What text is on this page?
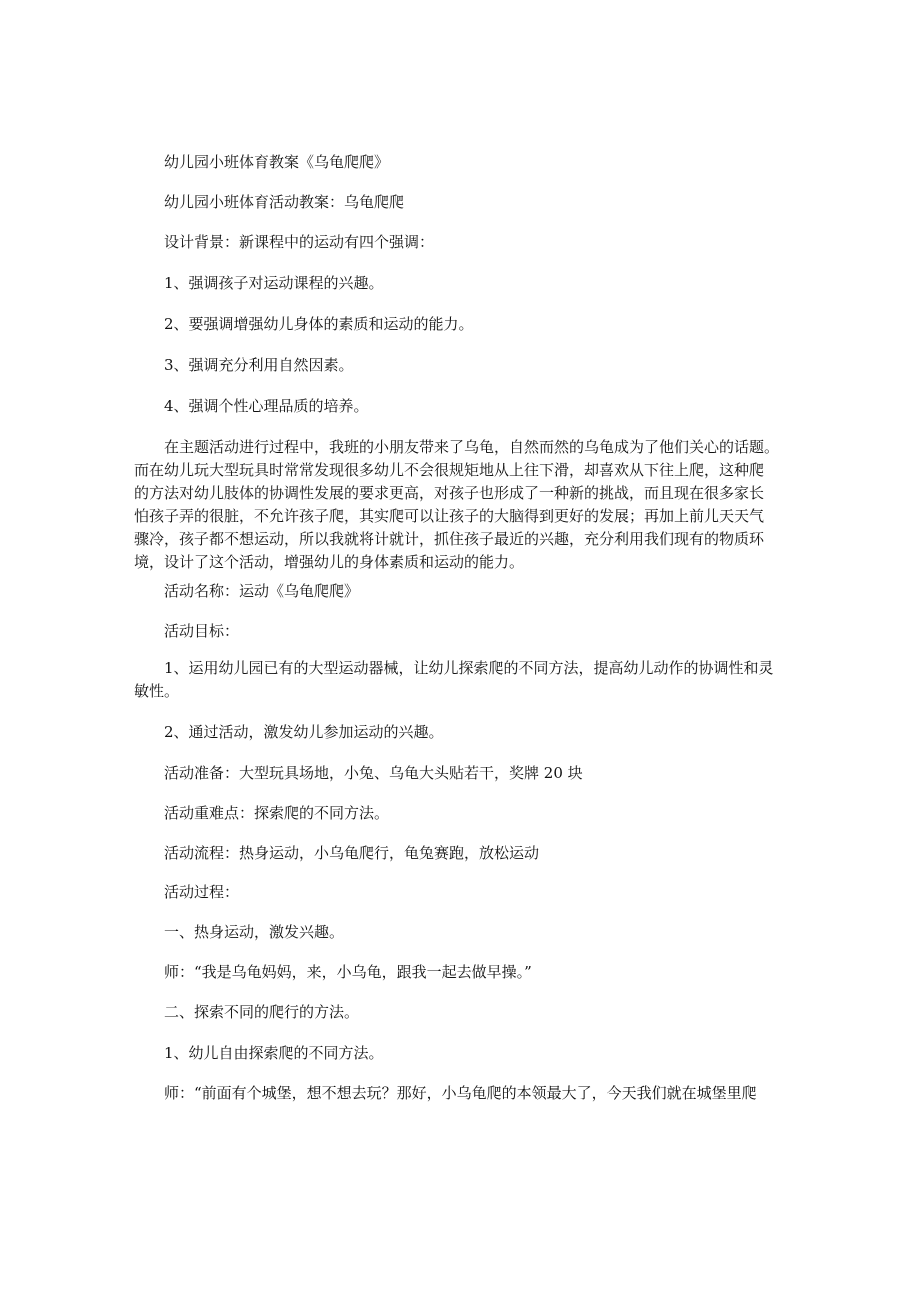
幼儿园小班体育教案《乌龟爬爬》

幼儿园小班体育活动教案：乌龟爬爬

设计背景：新课程中的运动有四个强调：

1、强调孩子对运动课程的兴趣。

2、要强调增强幼儿身体的素质和运动的能力。

3、强调充分利用自然因素。

4、强调个性心理品质的培养。

在主题活动进行过程中，我班的小朋友带来了乌龟，自然而然的乌龟成为了他们关心的话题。
而在幼儿玩大型玩具时常常发现很多幼儿不会很规矩地从上往下滑，却喜欢从下往上爬，这种爬
的方法对幼儿肢体的协调性发展的要求更高，对孩子也形成了一种新的挑战，而且现在很多家长
怕孩子弄的很脏，不允许孩子爬，其实爬可以让孩子的大脑得到更好的发展；再加上前儿天天气
骤冷，孩子都不想运动，所以我就将计就计，抓住孩子最近的兴趣，充分利用我们现有的物质环
境，设计了这个活动，增强幼儿的身体素质和运动的能力。

活动名称：运动《乌龟爬爬》

活动目标：

1、运用幼儿园已有的大型运动器械，让幼儿探索爬的不同方法，提高幼儿动作的协调性和灵
敏性。

2、通过活动，激发幼儿参加运动的兴趣。

活动准备：大型玩具场地，小兔、乌龟大头贴若干，奖牌 20 块

活动重难点：探索爬的不同方法。

活动流程：热身运动，小乌龟爬行，龟兔赛跑，放松运动

活动过程：

一、热身运动，激发兴趣。

师：“我是乌龟妈妈，来，小乌龟，跟我一起去做早操。”

二、探索不同的爬行的方法。

1、幼儿自由探索爬的不同方法。

师：“前面有个城堡，想不想去玩？那好，小乌龟爬的本领最大了，今天我们就在城堡里爬
